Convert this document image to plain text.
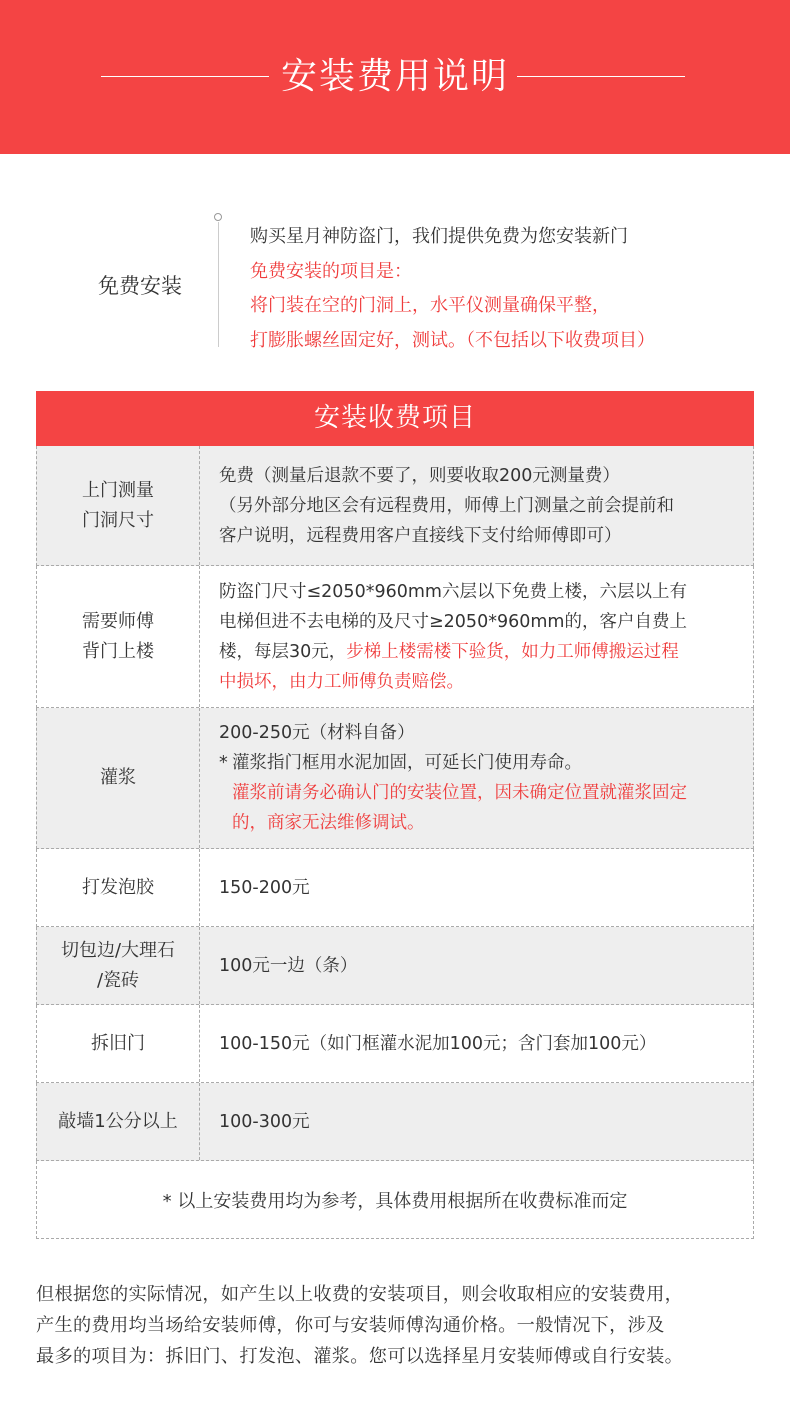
安装费用说明
免费安装
购买星月神防盗门，我们提供免费为您安装新门
免费安装的项目是：
将门装在空的门洞上，水平仪测量确保平整，
打膨胀螺丝固定好，测试。（不包括以下收费项目）
安装收费项目
上门测量
门洞尺寸
免费（测量后退款不要了，则要收取200元测量费）
（另外部分地区会有远程费用，师傅上门测量之前会提前和
客户说明，远程费用客户直接线下支付给师傅即可）
需要师傅
背门上楼
防盗门尺寸≤2050*960mm六层以下免费上楼，六层以上有
电梯但进不去电梯的及尺寸≥2050*960mm的，客户自费上
楼，每层30元，步梯上楼需楼下验货，如力工师傅搬运过程
中损坏，由力工师傅负责赔偿。
灌浆
200-250元（材料自备）
* 灌浆指门框用水泥加固，可延长门使用寿命。
灌浆前请务必确认门的安装位置，因未确定位置就灌浆固定
的，商家无法维修调试。
打发泡胶	150-200元
切包边/大理石
/瓷砖
100元一边（条）
拆旧门	100-150元（如门框灌水泥加100元；含门套加100元）
敲墙1公分以上 100-300元
* 以上安装费用均为参考，具体费用根据所在收费标准而定
但根据您的实际情况，如产生以上收费的安装项目，则会收取相应的安装费用，
产生的费用均当场给安装师傅，你可与安装师傅沟通价格。一般情况下，涉及
最多的项目为：拆旧门、打发泡、灌浆。您可以选择星月安装师傅或自行安装。
